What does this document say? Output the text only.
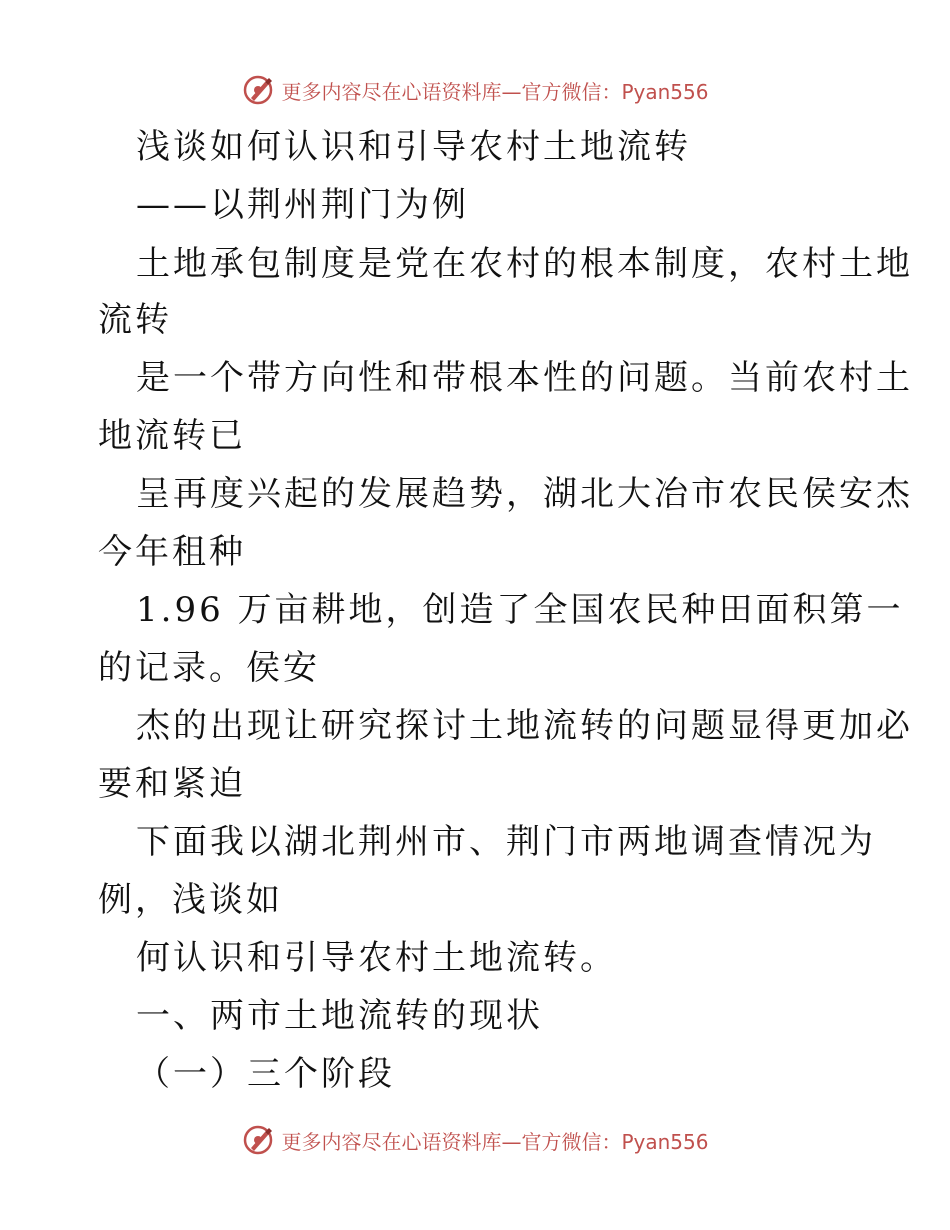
更多内容尽在心语资料库—官方微信：Pyan556
浅谈如何认识和引导农村土地流转
——以荆州荆门为例
土地承包制度是党在农村的根本制度，农村土地
流转
是一个带方向性和带根本性的问题。当前农村土
地流转已
呈再度兴起的发展趋势，湖北大冶市农民侯安杰
今年租种
1.96 万亩耕地，创造了全国农民种田面积第一
的记录。侯安
杰的出现让研究探讨土地流转的问题显得更加必
要和紧迫
下面我以湖北荆州市、荆门市两地调查情况为
例，浅谈如
何认识和引导农村土地流转。
一、两市土地流转的现状
（一）三个阶段
更多内容尽在心语资料库—官方微信：Pyan556
